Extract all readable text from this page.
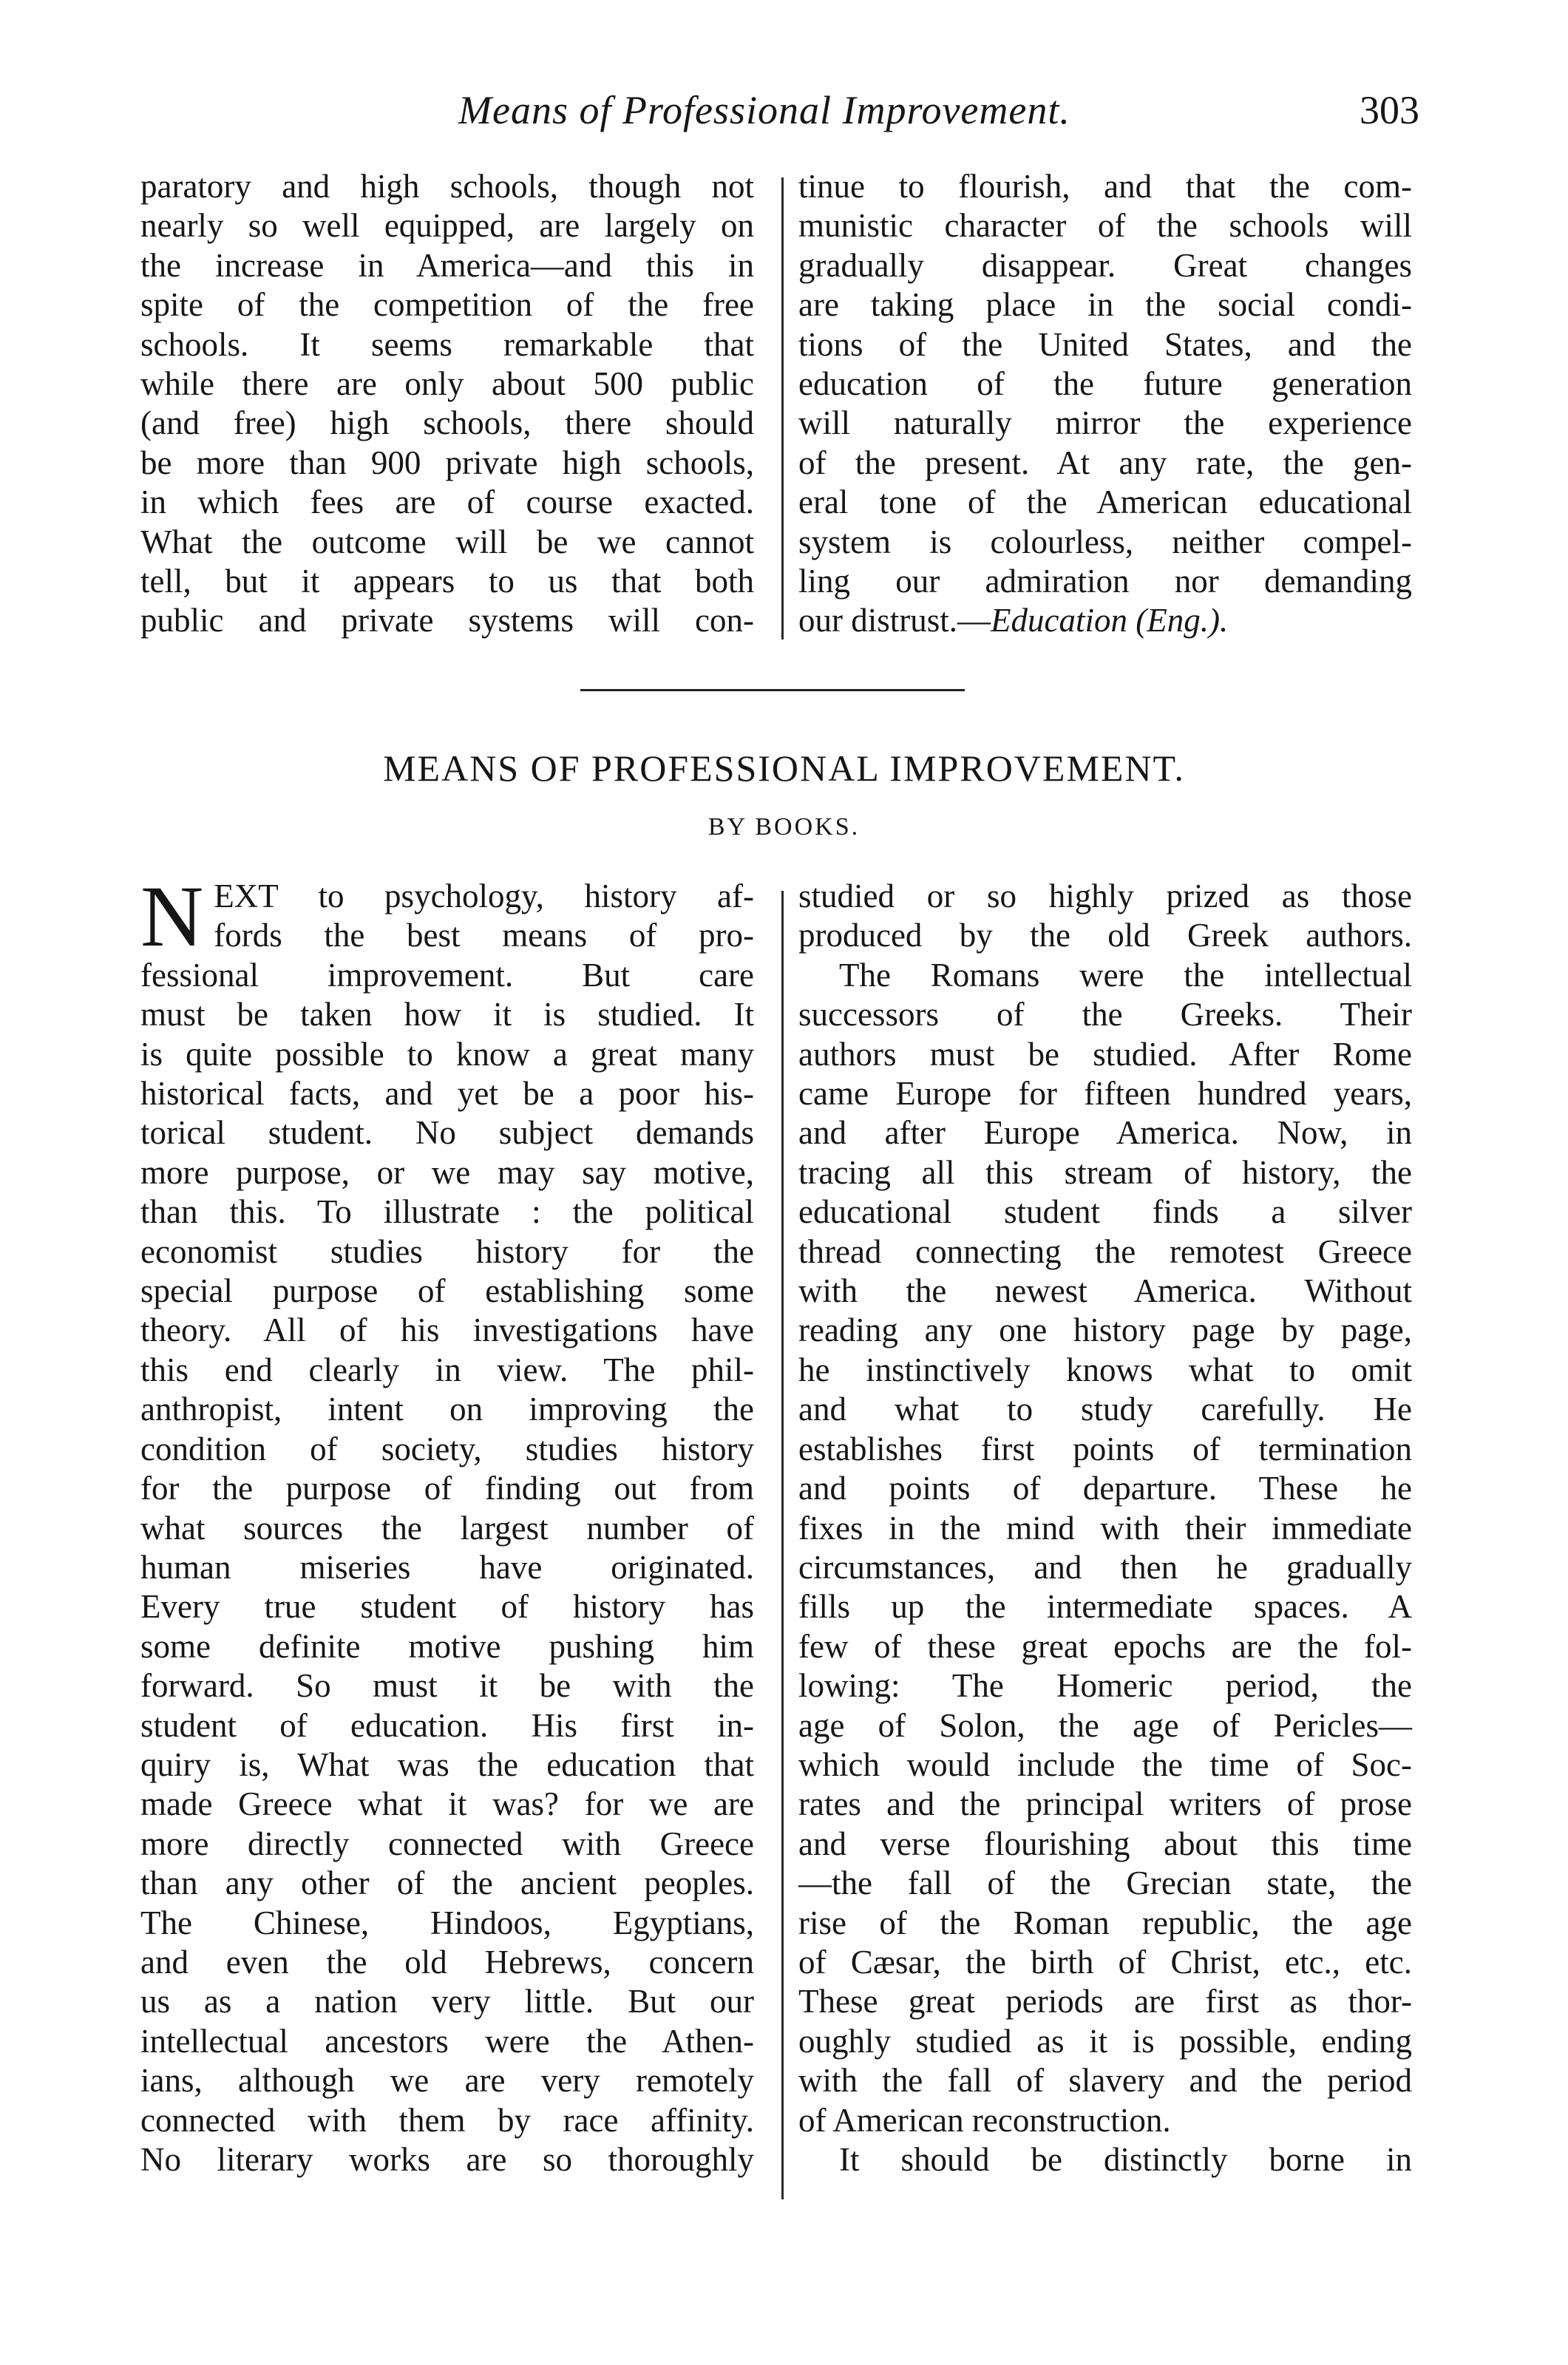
Means of Professional Improvement.	303

paratory and high schools, though not

nearly so well equipped, are largely on

the increase in America—and this in

spite of the competition of the free

schools. It seems remarkable that

while there are only about 500 public

(and free) high schools, there should

be more than 900 private high schools,

in which fees are of course exacted.

What the outcome will be we cannot

tell, but it appears to us that both

public and private systems will con-

tinue to flourish, and that the com-

munistic character of the schools will

gradually disappear. Great changes

are taking place in the social condi-

tions of the United States, and the

education of the future generation

will naturally mirror the experience

of the present. At any rate, the gen-

eral tone of the American educational

system is colourless, neither compel-

ling our admiration nor demanding

our distrust.—Education (Eng.).

MEANS OF PROFESSIONAL IMPROVEMENT.
BY BOOKS.
N EXT to psychology, history af-

fords the best means of pro-

fessional improvement. But care

must be taken how it is studied. It

is quite possible to know a great many

historical facts, and yet be a poor his-

torical student. No subject demands

more purpose, or we may say motive,

than this. To illustrate : the political

economist studies history for the

special purpose of establishing some

theory. All of his investigations have

this end clearly in view. The phil-

anthropist, intent on improving the

condition of society, studies history

for the purpose of finding out from

what sources the largest number of

human miseries have originated.

Every true student of history has

some definite motive pushing him

forward. So must it be with the

student of education. His first in-

quiry is, What was the education that

made Greece what it was? for we are

more directly connected with Greece

than any other of the ancient peoples.

The Chinese, Hindoos, Egyptians,

and even the old Hebrews, concern

us as a nation very little. But our

intellectual ancestors were the Athen-

ians, although we are very remotely

connected with them by race affinity.

No literary works are so thoroughly

studied or so highly prized as those

produced by the old Greek authors.

The Romans were the intellectual

successors of the Greeks. Their

authors must be studied. After Rome

came Europe for fifteen hundred years,

and after Europe America. Now, in

tracing all this stream of history, the

educational student finds a silver

thread connecting the remotest Greece

with the newest America. Without

reading any one history page by page,

he instinctively knows what to omit

and what to study carefully. He

establishes first points of termination

and points of departure. These he

fixes in the mind with their immediate

circumstances, and then he gradually

fills up the intermediate spaces. A

few of these great epochs are the fol-

lowing: The Homeric period, the

age of Solon, the age of Pericles—

which would include the time of Soc-

rates and the principal writers of prose

and verse flourishing about this time

—the fall of the Grecian state, the

rise of the Roman republic, the age

of Cæsar, the birth of Christ, etc., etc.

These great periods are first as thor-

oughly studied as it is possible, ending

with the fall of slavery and the period

of American reconstruction.

It should be distinctly borne in
